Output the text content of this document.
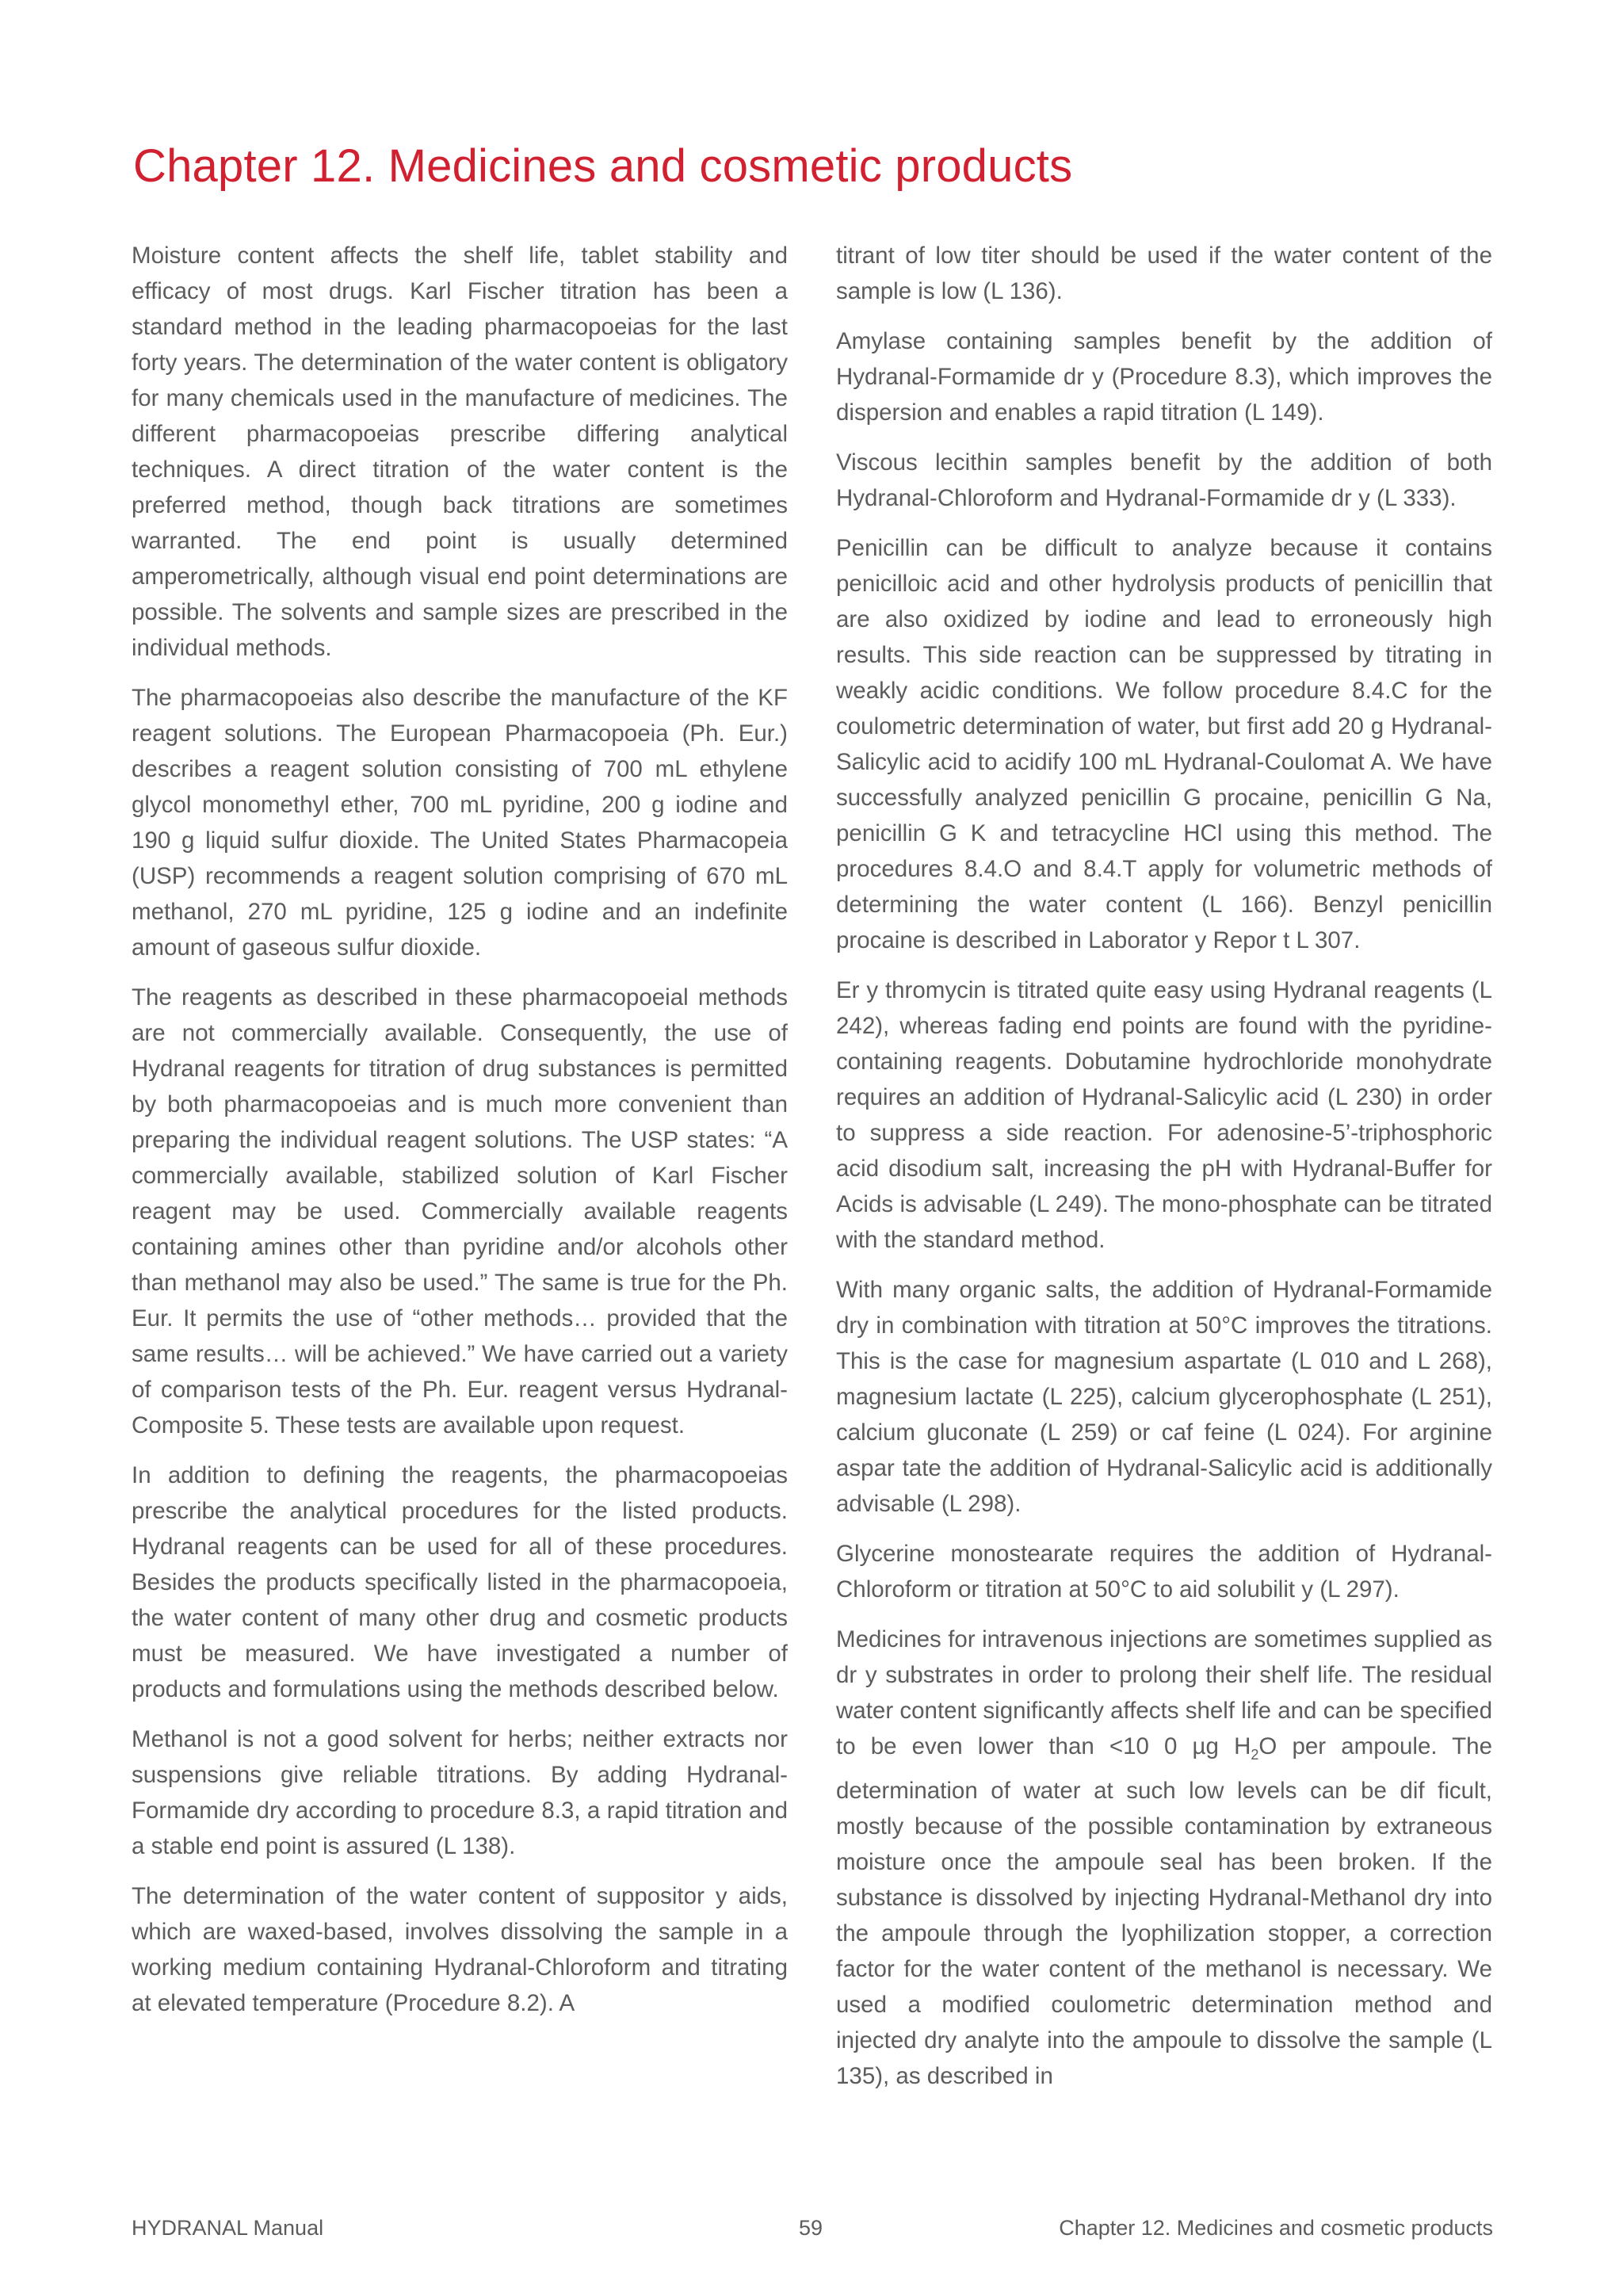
Chapter 12. Medicines and cosmetic products

Moisture content affects the shelf life, tablet stability and efficacy of most drugs. Karl Fischer titration has been a standard method in the leading pharmacopoeias for the last forty years. The determination of the water content is obligatory for many chemicals used in the manufacture of medicines. The different pharmacopoeias prescribe differing analytical techniques. A direct titration of the water content is the preferred method, though back titrations are sometimes warranted. The end point is usually determined amperometrically, although visual end point determinations are possible. The solvents and sample sizes are prescribed in the individual methods.

The pharmacopoeias also describe the manufacture of the KF reagent solutions. The European Pharmacopoeia (Ph. Eur.) describes a reagent solution consisting of 700 mL ethylene glycol monomethyl ether, 700 mL pyridine, 200 g iodine and 190 g liquid sulfur dioxide. The United States Pharmacopeia (USP) recommends a reagent solution comprising of 670 mL methanol, 270 mL pyridine, 125 g iodine and an indefinite amount of gaseous sulfur dioxide.

The reagents as described in these pharmacopoeial methods are not commercially available. Consequently, the use of Hydranal reagents for titration of drug substances is permitted by both pharmacopoeias and is much more convenient than preparing the individual reagent solutions. The USP states: “A commercially available, stabilized solution of Karl Fischer reagent may be used. Commercially available reagents containing amines other than pyridine and/or alcohols other than methanol may also be used.” The same is true for the Ph. Eur. It permits the use of “other methods… provided that the same results… will be achieved.” We have carried out a variety of comparison tests of the Ph. Eur. reagent versus Hydranal-Composite 5. These tests are available upon request.

In addition to defining the reagents, the pharmacopoeias prescribe the analytical procedures for the listed products. Hydranal reagents can be used for all of these procedures. Besides the products specifically listed in the pharmacopoeia, the water content of many other drug and cosmetic products must be measured. We have investigated a number of products and formulations using the methods described below.

Methanol is not a good solvent for herbs; neither extracts nor suspensions give reliable titrations. By adding Hydranal-Formamide dry according to procedure 8.3, a rapid titration and a stable end point is assured (L 138).

The determination of the water content of suppositor y aids, which are waxed-based, involves dissolving the sample in a working medium containing Hydranal-Chloroform and titrating at elevated temperature (Procedure 8.2). A

titrant of low titer should be used if the water content of the sample is low (L 136).

Amylase containing samples benefit by the addition of Hydranal-Formamide dr y (Procedure 8.3), which improves the dispersion and enables a rapid titration (L 149).

Viscous lecithin samples benefit by the addition of both Hydranal-Chloroform and Hydranal-Formamide dr y (L 333).

Penicillin can be difficult to analyze because it contains penicilloic acid and other hydrolysis products of penicillin that are also oxidized by iodine and lead to erroneously high results. This side reaction can be suppressed by titrating in weakly acidic conditions. We follow procedure 8.4.C for the coulometric determination of water, but first add 20 g Hydranal-Salicylic acid to acidify 100 mL Hydranal-Coulomat A. We have successfully analyzed penicillin G procaine, penicillin G Na, penicillin G K and tetracycline HCl using this method. The procedures 8.4.O and 8.4.T apply for volumetric methods of determining the water content (L 166). Benzyl penicillin procaine is described in Laborator y Repor t L 307.

Er y thromycin is titrated quite easy using Hydranal reagents (L 242), whereas fading end points are found with the pyridine-containing reagents. Dobutamine hydrochloride monohydrate requires an addition of Hydranal-Salicylic acid (L 230) in order to suppress a side reaction. For adenosine-5’-triphosphoric acid disodium salt, increasing the pH with Hydranal-Buffer for Acids is advisable (L 249). The mono-phosphate can be titrated with the standard method.

With many organic salts, the addition of Hydranal-Formamide dry in combination with titration at 50°C improves the titrations. This is the case for magnesium aspartate (L 010 and L 268), magnesium lactate (L 225), calcium glycerophosphate (L 251), calcium gluconate (L 259) or caf feine (L 024). For arginine aspar tate the addition of Hydranal-Salicylic acid is additionally advisable (L 298).

Glycerine monostearate requires the addition of Hydranal-Chloroform or titration at 50°C to aid solubilit y (L 297).

Medicines for intravenous injections are sometimes supplied as dr y substrates in order to prolong their shelf life. The residual water content significantly affects shelf life and can be specified to be even lower than <10 0 µg $H_2O$ per ampoule. The determination of water at such low levels can be dif ficult, mostly because of the possible contamination by extraneous moisture once the ampoule seal has been broken. If the substance is dissolved by injecting Hydranal-Methanol dry into the ampoule through the lyophilization stopper, a correction factor for the water content of the methanol is necessary. We used a modified coulometric determination method and injected dry analyte into the ampoule to dissolve the sample (L 135), as described in

HYDRANAL Manual	59	Chapter 12. Medicines and cosmetic products
